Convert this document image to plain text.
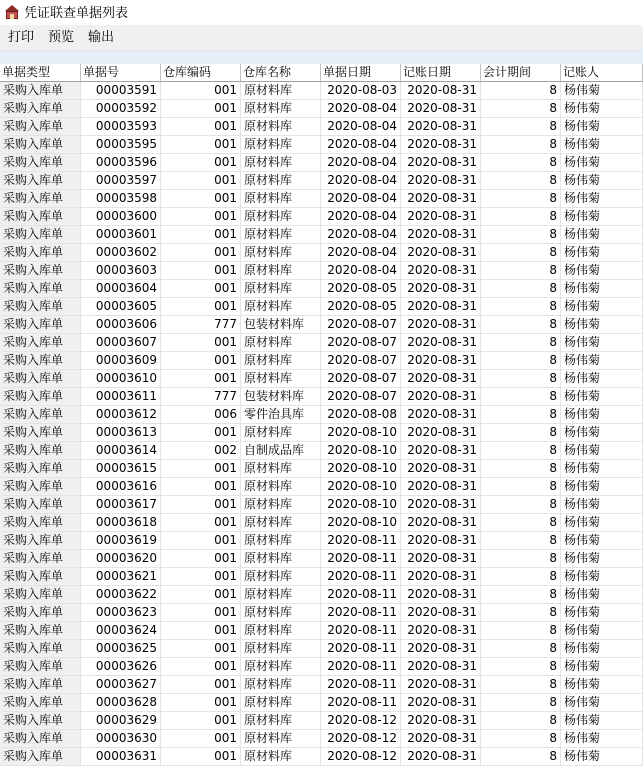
凭证联查单据列表
打印	预览	输出
单据类型	单据号	仓库编码	仓库名称	单据日期	记账日期	会计期间	记账人
采购入库单	00003591	001 原材料库	2020-08-03 2020-08-31	8 杨伟菊
采购入库单	00003592	001 原材料库	2020-08-04 2020-08-31	8 杨伟菊
采购入库单	00003593	001 原材料库	2020-08-04 2020-08-31	8 杨伟菊
采购入库单	00003595	001 原材料库	2020-08-04 2020-08-31	8 杨伟菊
采购入库单	00003596	001 原材料库	2020-08-04 2020-08-31	8 杨伟菊
采购入库单	00003597	001 原材料库	2020-08-04 2020-08-31	8 杨伟菊
采购入库单	00003598	001 原材料库	2020-08-04 2020-08-31	8 杨伟菊
采购入库单	00003600	001 原材料库	2020-08-04 2020-08-31	8 杨伟菊
采购入库单	00003601	001 原材料库	2020-08-04 2020-08-31	8 杨伟菊
采购入库单	00003602	001 原材料库	2020-08-04 2020-08-31	8 杨伟菊
采购入库单	00003603	001 原材料库	2020-08-04 2020-08-31	8 杨伟菊
采购入库单	00003604	001 原材料库	2020-08-05 2020-08-31	8 杨伟菊
采购入库单	00003605	001 原材料库	2020-08-05 2020-08-31	8 杨伟菊
采购入库单	00003606	777 包装材料库	2020-08-07 2020-08-31	8 杨伟菊
采购入库单	00003607	001 原材料库	2020-08-07 2020-08-31	8 杨伟菊
采购入库单	00003609	001 原材料库	2020-08-07 2020-08-31	8 杨伟菊
采购入库单	00003610	001 原材料库	2020-08-07 2020-08-31	8 杨伟菊
采购入库单	00003611	777 包装材料库	2020-08-07 2020-08-31	8 杨伟菊
采购入库单	00003612	006 零件治具库	2020-08-08 2020-08-31	8 杨伟菊
采购入库单	00003613	001 原材料库	2020-08-10 2020-08-31	8 杨伟菊
采购入库单	00003614	002 自制成品库	2020-08-10 2020-08-31	8 杨伟菊
采购入库单	00003615	001 原材料库	2020-08-10 2020-08-31	8 杨伟菊
采购入库单	00003616	001 原材料库	2020-08-10 2020-08-31	8 杨伟菊
采购入库单	00003617	001 原材料库	2020-08-10 2020-08-31	8 杨伟菊
采购入库单	00003618	001 原材料库	2020-08-10 2020-08-31	8 杨伟菊
采购入库单	00003619	001 原材料库	2020-08-11 2020-08-31	8 杨伟菊
采购入库单	00003620	001 原材料库	2020-08-11 2020-08-31	8 杨伟菊
采购入库单	00003621	001 原材料库	2020-08-11 2020-08-31	8 杨伟菊
采购入库单	00003622	001 原材料库	2020-08-11 2020-08-31	8 杨伟菊
采购入库单	00003623	001 原材料库	2020-08-11 2020-08-31	8 杨伟菊
采购入库单	00003624	001 原材料库	2020-08-11 2020-08-31	8 杨伟菊
采购入库单	00003625	001 原材料库	2020-08-11 2020-08-31	8 杨伟菊
采购入库单	00003626	001 原材料库	2020-08-11 2020-08-31	8 杨伟菊
采购入库单	00003627	001 原材料库	2020-08-11 2020-08-31	8 杨伟菊
采购入库单	00003628	001 原材料库	2020-08-11 2020-08-31	8 杨伟菊
采购入库单	00003629	001 原材料库	2020-08-12 2020-08-31	8 杨伟菊
采购入库单	00003630	001 原材料库	2020-08-12 2020-08-31	8 杨伟菊
采购入库单	00003631	001 原材料库	2020-08-12 2020-08-31	8 杨伟菊
